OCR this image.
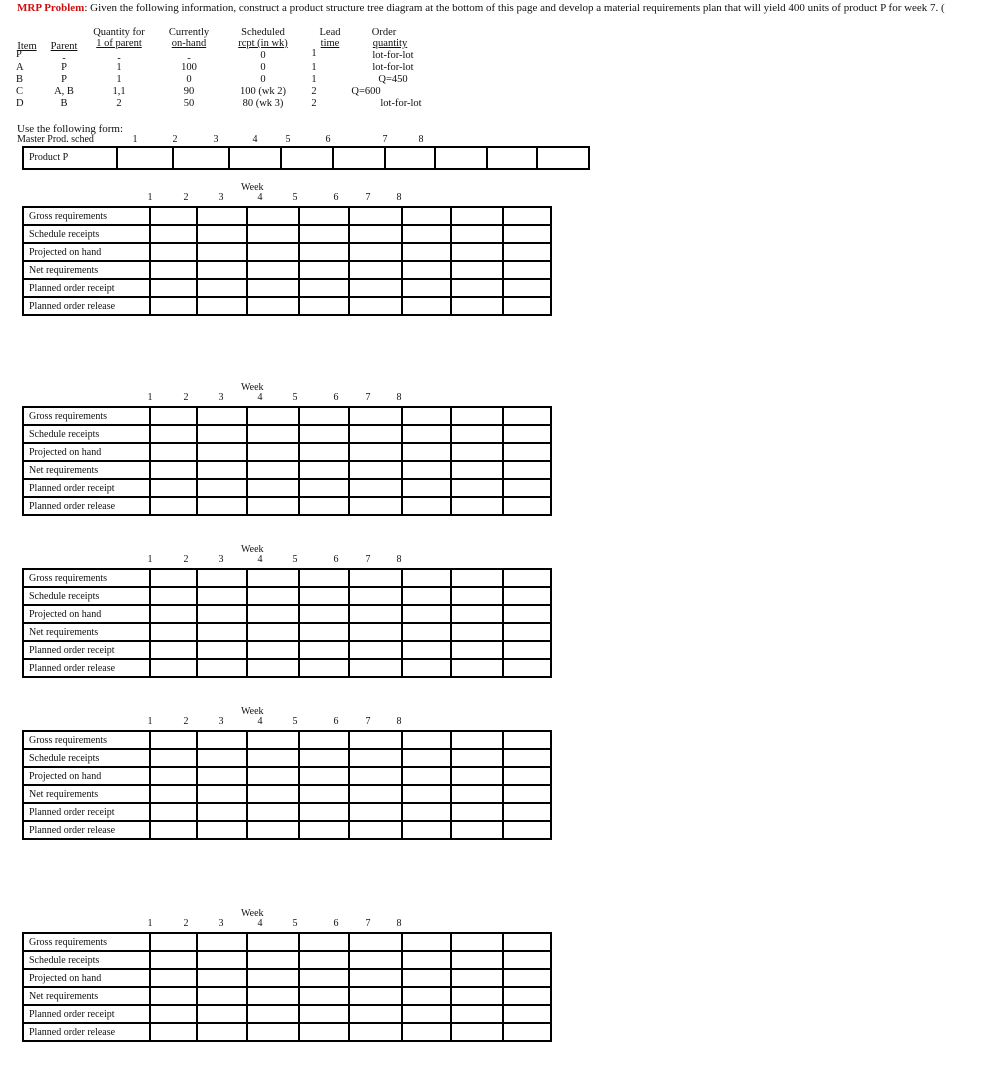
MRP Problem: Given the following information, construct a product structure tree diagram at the bottom of this page and develop a material requirements plan that will yield 400 units of product P for week 7. (
Item	Parent
Quantity for
1 of parent
Currently
on-hand
Scheduled
rcpt (in wk)
Lead
time
Order
quantity
P	-	-	-	0	1	lot-for-lot
A	P	1	100	0	1	lot-for-lot
B	P	1	0	0	1	Q=450
C	A, B	1,1	90	100 (wk 2)	2	Q=600
D	B	2	50	80 (wk 3)	2	lot-for-lot
Use the following form:
Master Prod. sched	1	2	3	4	5	6	7	8
Product P
Week
1	2	3	4	5	6	7	8
Gross requirements								
Schedule receipts								
Projected on hand								
Net requirements								
Planned order receipt								
Planned order release								
Week
1	2	3	4	5	6	7	8
Gross requirements								
Schedule receipts								
Projected on hand								
Net requirements								
Planned order receipt								
Planned order release								
Week
1	2	3	4	5	6	7	8
Gross requirements								
Schedule receipts								
Projected on hand								
Net requirements								
Planned order receipt								
Planned order release								
Week
1	2	3	4	5	6	7	8
Gross requirements								
Schedule receipts								
Projected on hand								
Net requirements								
Planned order receipt								
Planned order release								
Week
1	2	3	4	5	6	7	8
Gross requirements								
Schedule receipts								
Projected on hand								
Net requirements								
Planned order receipt								
Planned order release								
